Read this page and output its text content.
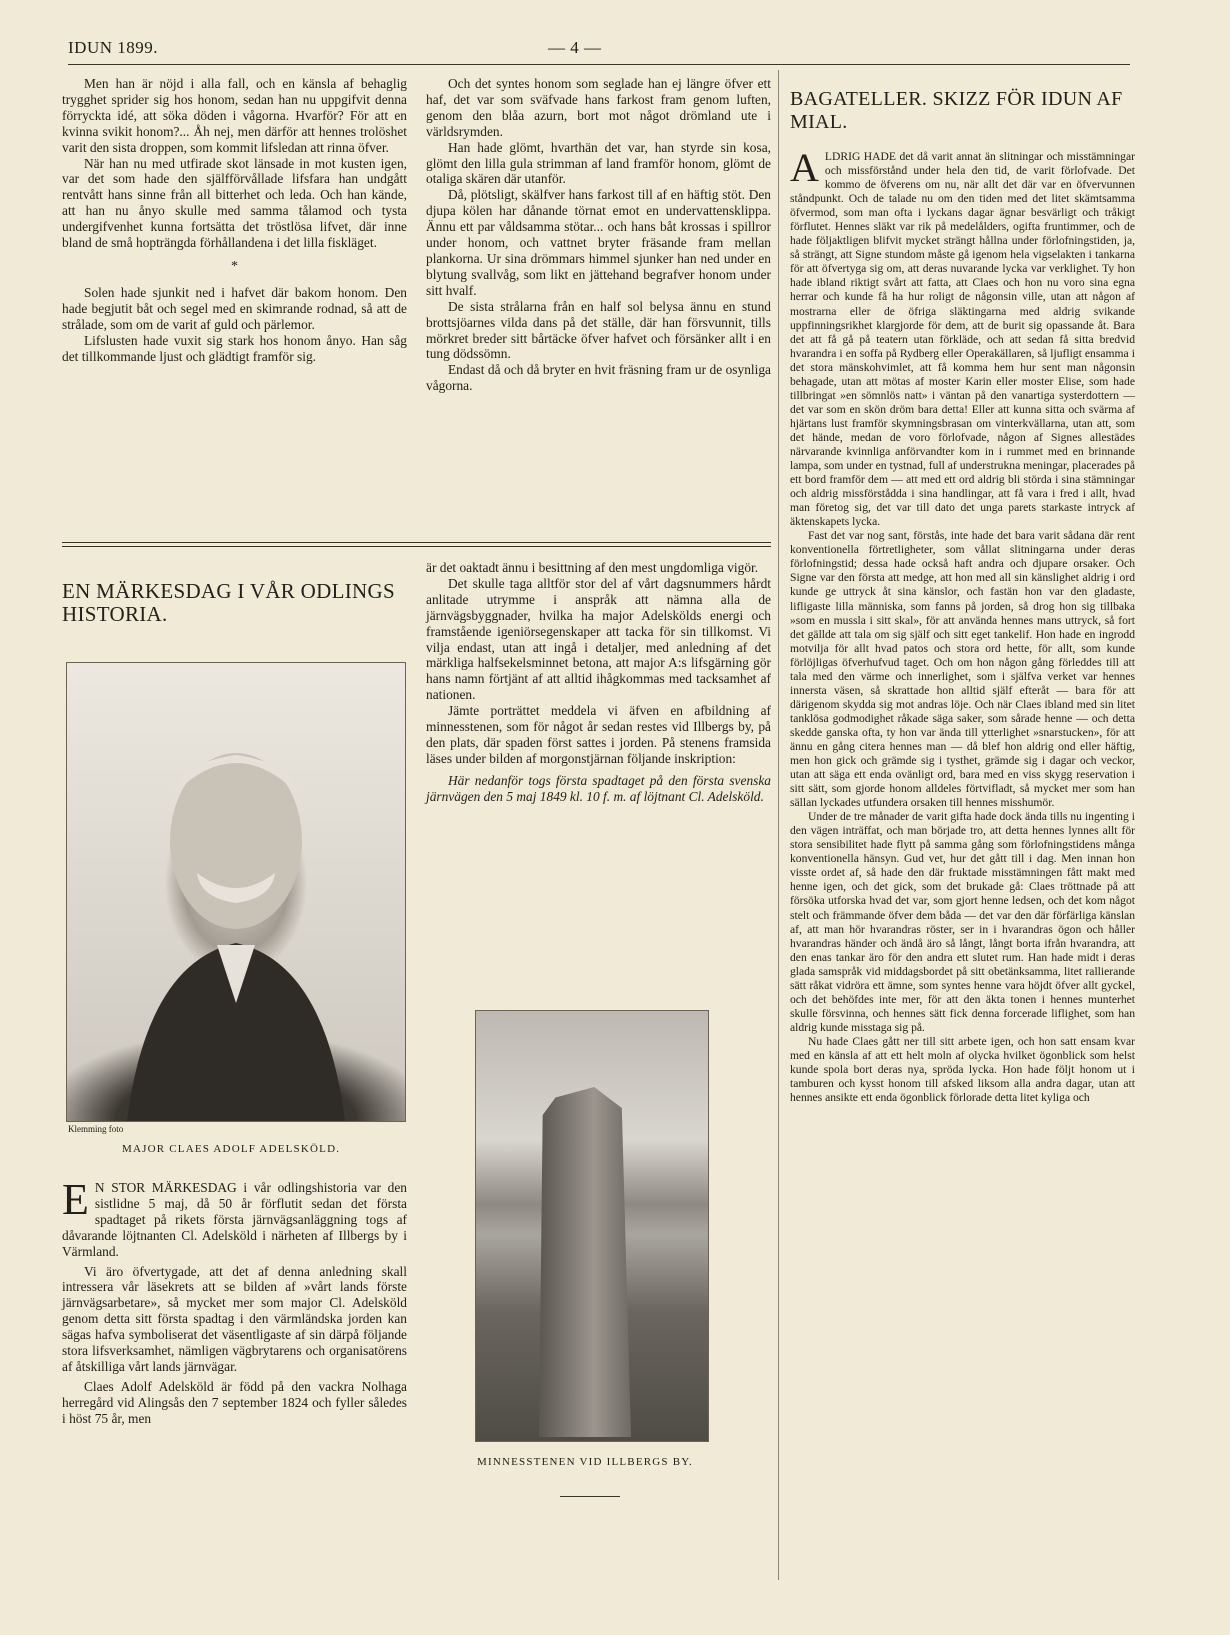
IDUN 1899.	— 4 —

Men han är nöjd i alla fall, och en känsla af behaglig trygghet sprider sig hos honom, sedan han nu uppgifvit denna förryckta idé, att söka döden i vågorna. Hvarför? För att en kvinna svikit honom?... Åh nej, men därför att hennes trolöshet varit den sista droppen, som kommit lifsledan att rinna öfver.

När han nu med utfirade skot länsade in mot kusten igen, var det som hade den själfförvållade lifsfara han undgått rentvått hans sinne från all bitterhet och leda. Och han kände, att han nu ånyo skulle med samma tålamod och tysta undergifvenhet kunna fortsätta det tröstlösa lifvet, där inne bland de små hopträngda förhållandena i det lilla fiskläget.

*

Solen hade sjunkit ned i hafvet där bakom honom. Den hade begjutit båt och segel med en skimrande rodnad, så att de strålade, som om de varit af guld och pärlemor.

Lifslusten hade vuxit sig stark hos honom ånyo. Han såg det tillkommande ljust och glädtigt framför sig.

Och det syntes honom som seglade han ej längre öfver ett haf, det var som sväfvade hans farkost fram genom luften, genom den blåa azurn, bort mot något drömland ute i världsrymden.

Han hade glömt, hvarthän det var, han styrde sin kosa, glömt den lilla gula strimman af land framför honom, glömt de otaliga skären där utanför.

Då, plötsligt, skälfver hans farkost till af en häftig stöt. Den djupa kölen har dånande törnat emot en undervattensklippa. Ännu ett par våldsamma stötar... och hans båt krossas i spillror under honom, och vattnet bryter fräsande fram mellan plankorna. Ur sina drömmars himmel sjunker han ned under en blytung svallvåg, som likt en jättehand begrafver honom under sitt hvalf.

De sista strålarna från en half sol belysa ännu en stund brottsjöarnes vilda dans på det ställe, där han försvunnit, tills mörkret breder sitt bårtäcke öfver hafvet och försänker allt i en tung dödssömn.

Endast då och då bryter en hvit fräsning fram ur de osynliga vågorna.

EN MÄRKESDAG I VÅR ODLINGS HISTORIA.
Klemming foto
MAJOR CLAES ADOLF ADELSKÖLD.

E N STOR MÄRKESDAG i vår odlingshistoria var den sistlidne 5 maj, då 50 år förflutit sedan det första spadtaget på rikets första järnvägsanläggning togs af dåvarande löjtnanten Cl. Adelsköld i närheten af Illbergs by i Värmland.

Vi äro öfvertygade, att det af denna anledning skall intressera vår läsekrets att se bilden af »vårt lands förste järnvägsarbetare», så mycket mer som major Cl. Adelsköld genom detta sitt första spadtag i den värmländska jorden kan sägas hafva symboliserat det väsentligaste af sin därpå följande stora lifsverksamhet, nämligen vägbrytarens och organisatörens af åtskilliga vårt lands järnvägar.

Claes Adolf Adelsköld är född på den vackra Nolhaga herregård vid Alingsås den 7 september 1824 och fyller således i höst 75 år, men

är det oaktadt ännu i besittning af den mest ungdomliga vigör.

Det skulle taga alltför stor del af vårt dagsnummers hårdt anlitade utrymme i anspråk att nämna alla de järnvägsbyggnader, hvilka ha major Adelskölds energi och framstående igeniörsegenskaper att tacka för sin tillkomst. Vi vilja endast, utan att ingå i detaljer, med anledning af det märkliga halfsekelsminnet betona, att major A:s lifsgärning gör hans namn förtjänt af att alltid ihågkommas med tacksamhet af nationen.

Jämte porträttet meddela vi äfven en afbildning af minnesstenen, som för något år sedan restes vid Illbergs by, på den plats, där spaden först sattes i jorden. På stenens framsida läses under bilden af morgonstjärnan följande inskription:

Här nedanför togs första spadtaget på den första svenska järnvägen den 5 maj 1849 kl. 10 f. m. af löjtnant Cl. Adelsköld.

MINNESSTENEN VID ILLBERGS BY.
BAGATELLER. SKIZZ FÖR IDUN AF MIAL.

ALDRIG HADE det då varit annat än slitningar och misstämningar och missförstånd under hela den tid, de varit förlofvade. Det kommo de öfverens om nu, när allt det där var en öfvervunnen ståndpunkt. Och de talade nu om den tiden med det litet skämtsamma öfvermod, som man ofta i lyckans dagar ägnar besvärligt och tråkigt förflutet. Hennes släkt var rik på medelålders, ogifta fruntimmer, och de hade följaktligen blifvit mycket strängt hållna under förlofningstiden, ja, så strängt, att Signe stundom måste gå igenom hela vigselakten i tankarna för att öfvertyga sig om, att deras nuvarande lycka var verklighet. Ty hon hade ibland riktigt svårt att fatta, att Claes och hon nu voro sina egna herrar och kunde få ha hur roligt de någonsin ville, utan att någon af mostrarna eller de öfriga släktingarna med aldrig svikande uppfinningsrikhet klargjorde för dem, att de burit sig opassande åt. Bara det att få gå på teatern utan förkläde, och att sedan få sitta bredvid hvarandra i en soffa på Rydberg eller Operakällaren, så ljufligt ensamma i det stora mänskohvimlet, att få komma hem hur sent man någonsin behagade, utan att mötas af moster Karin eller moster Elise, som hade tillbringat »en sömnlös natt» i väntan på den vanartiga systerdottern — det var som en skön dröm bara detta! Eller att kunna sitta och svärma af hjärtans lust framför skymningsbrasan om vinterkvällarna, utan att, som det hände, medan de voro förlofvade, någon af Signes allestädes närvarande kvinnliga anförvandter kom in i rummet med en brinnande lampa, som under en tystnad, full af understrukna meningar, placerades på ett bord framför dem — att med ett ord aldrig bli störda i sina stämningar och aldrig missförstådda i sina handlingar, att få vara i fred i allt, hvad man företog sig, det var till dato det unga parets starkaste intryck af äktenskapets lycka.

Fast det var nog sant, förstås, inte hade det bara varit sådana där rent konventionella förtretligheter, som vållat slitningarna under deras förlofningstid; dessa hade också haft andra och djupare orsaker. Och Signe var den första att medge, att hon med all sin känslighet aldrig i ord kunde ge uttryck åt sina känslor, och fastän hon var den gladaste, lifligaste lilla människa, som fanns på jorden, så drog hon sig tillbaka »som en mussla i sitt skal», för att använda hennes mans uttryck, så fort det gällde att tala om sig själf och sitt eget tankelif. Hon hade en ingrodd motvilja för allt hvad patos och stora ord hette, för allt, som kunde förlöjligas öfverhufvud taget. Och om hon någon gång förleddes till att tala med den värme och innerlighet, som i själfva verket var hennes innersta väsen, så skrattade hon alltid själf efteråt — bara för att därigenom skydda sig mot andras löje. Och när Claes ibland med sin litet tanklösa godmodighet råkade säga saker, som sårade henne — och detta skedde ganska ofta, ty hon var ända till ytterlighet »snarstucken», för att ännu en gång citera hennes man — då blef hon aldrig ond eller häftig, men hon gick och grämde sig i tysthet, grämde sig i dagar och veckor, utan att säga ett enda ovänligt ord, bara med en viss skygg reservation i sitt sätt, som gjorde honom alldeles förtvifladt, så mycket mer som han sällan lyckades utfundera orsaken till hennes misshumör.

Under de tre månader de varit gifta hade dock ända tills nu ingenting i den vägen inträffat, och man började tro, att detta hennes lynnes allt för stora sensibilitet hade flytt på samma gång som förlofningstidens många konventionella hänsyn. Gud vet, hur det gått till i dag. Men innan hon visste ordet af, så hade den där fruktade misstämningen fått makt med henne igen, och det gick, som det brukade gå: Claes tröttnade på att försöka utforska hvad det var, som gjort henne ledsen, och det kom något stelt och främmande öfver dem båda — det var den där förfärliga känslan af, att man hör hvarandras röster, ser in i hvarandras ögon och håller hvarandras händer och ändå äro så långt, långt borta ifrån hvarandra, att den enas tankar äro för den andra ett slutet rum. Han hade midt i deras glada samspråk vid middagsbordet på sitt obetänksamma, litet rallierande sätt råkat vidröra ett ämne, som syntes henne vara höjdt öfver allt gyckel, och det behöfdes inte mer, för att den äkta tonen i hennes munterhet skulle försvinna, och hennes sätt fick denna forcerade liflighet, som han aldrig kunde misstaga sig på.

Nu hade Claes gått ner till sitt arbete igen, och hon satt ensam kvar med en känsla af att ett helt moln af olycka hvilket ögonblick som helst kunde spola bort deras nya, spröda lycka. Hon hade följt honom ut i tamburen och kysst honom till afsked liksom alla andra dagar, utan att hennes ansikte ett enda ögonblick förlorade detta litet kyliga och
